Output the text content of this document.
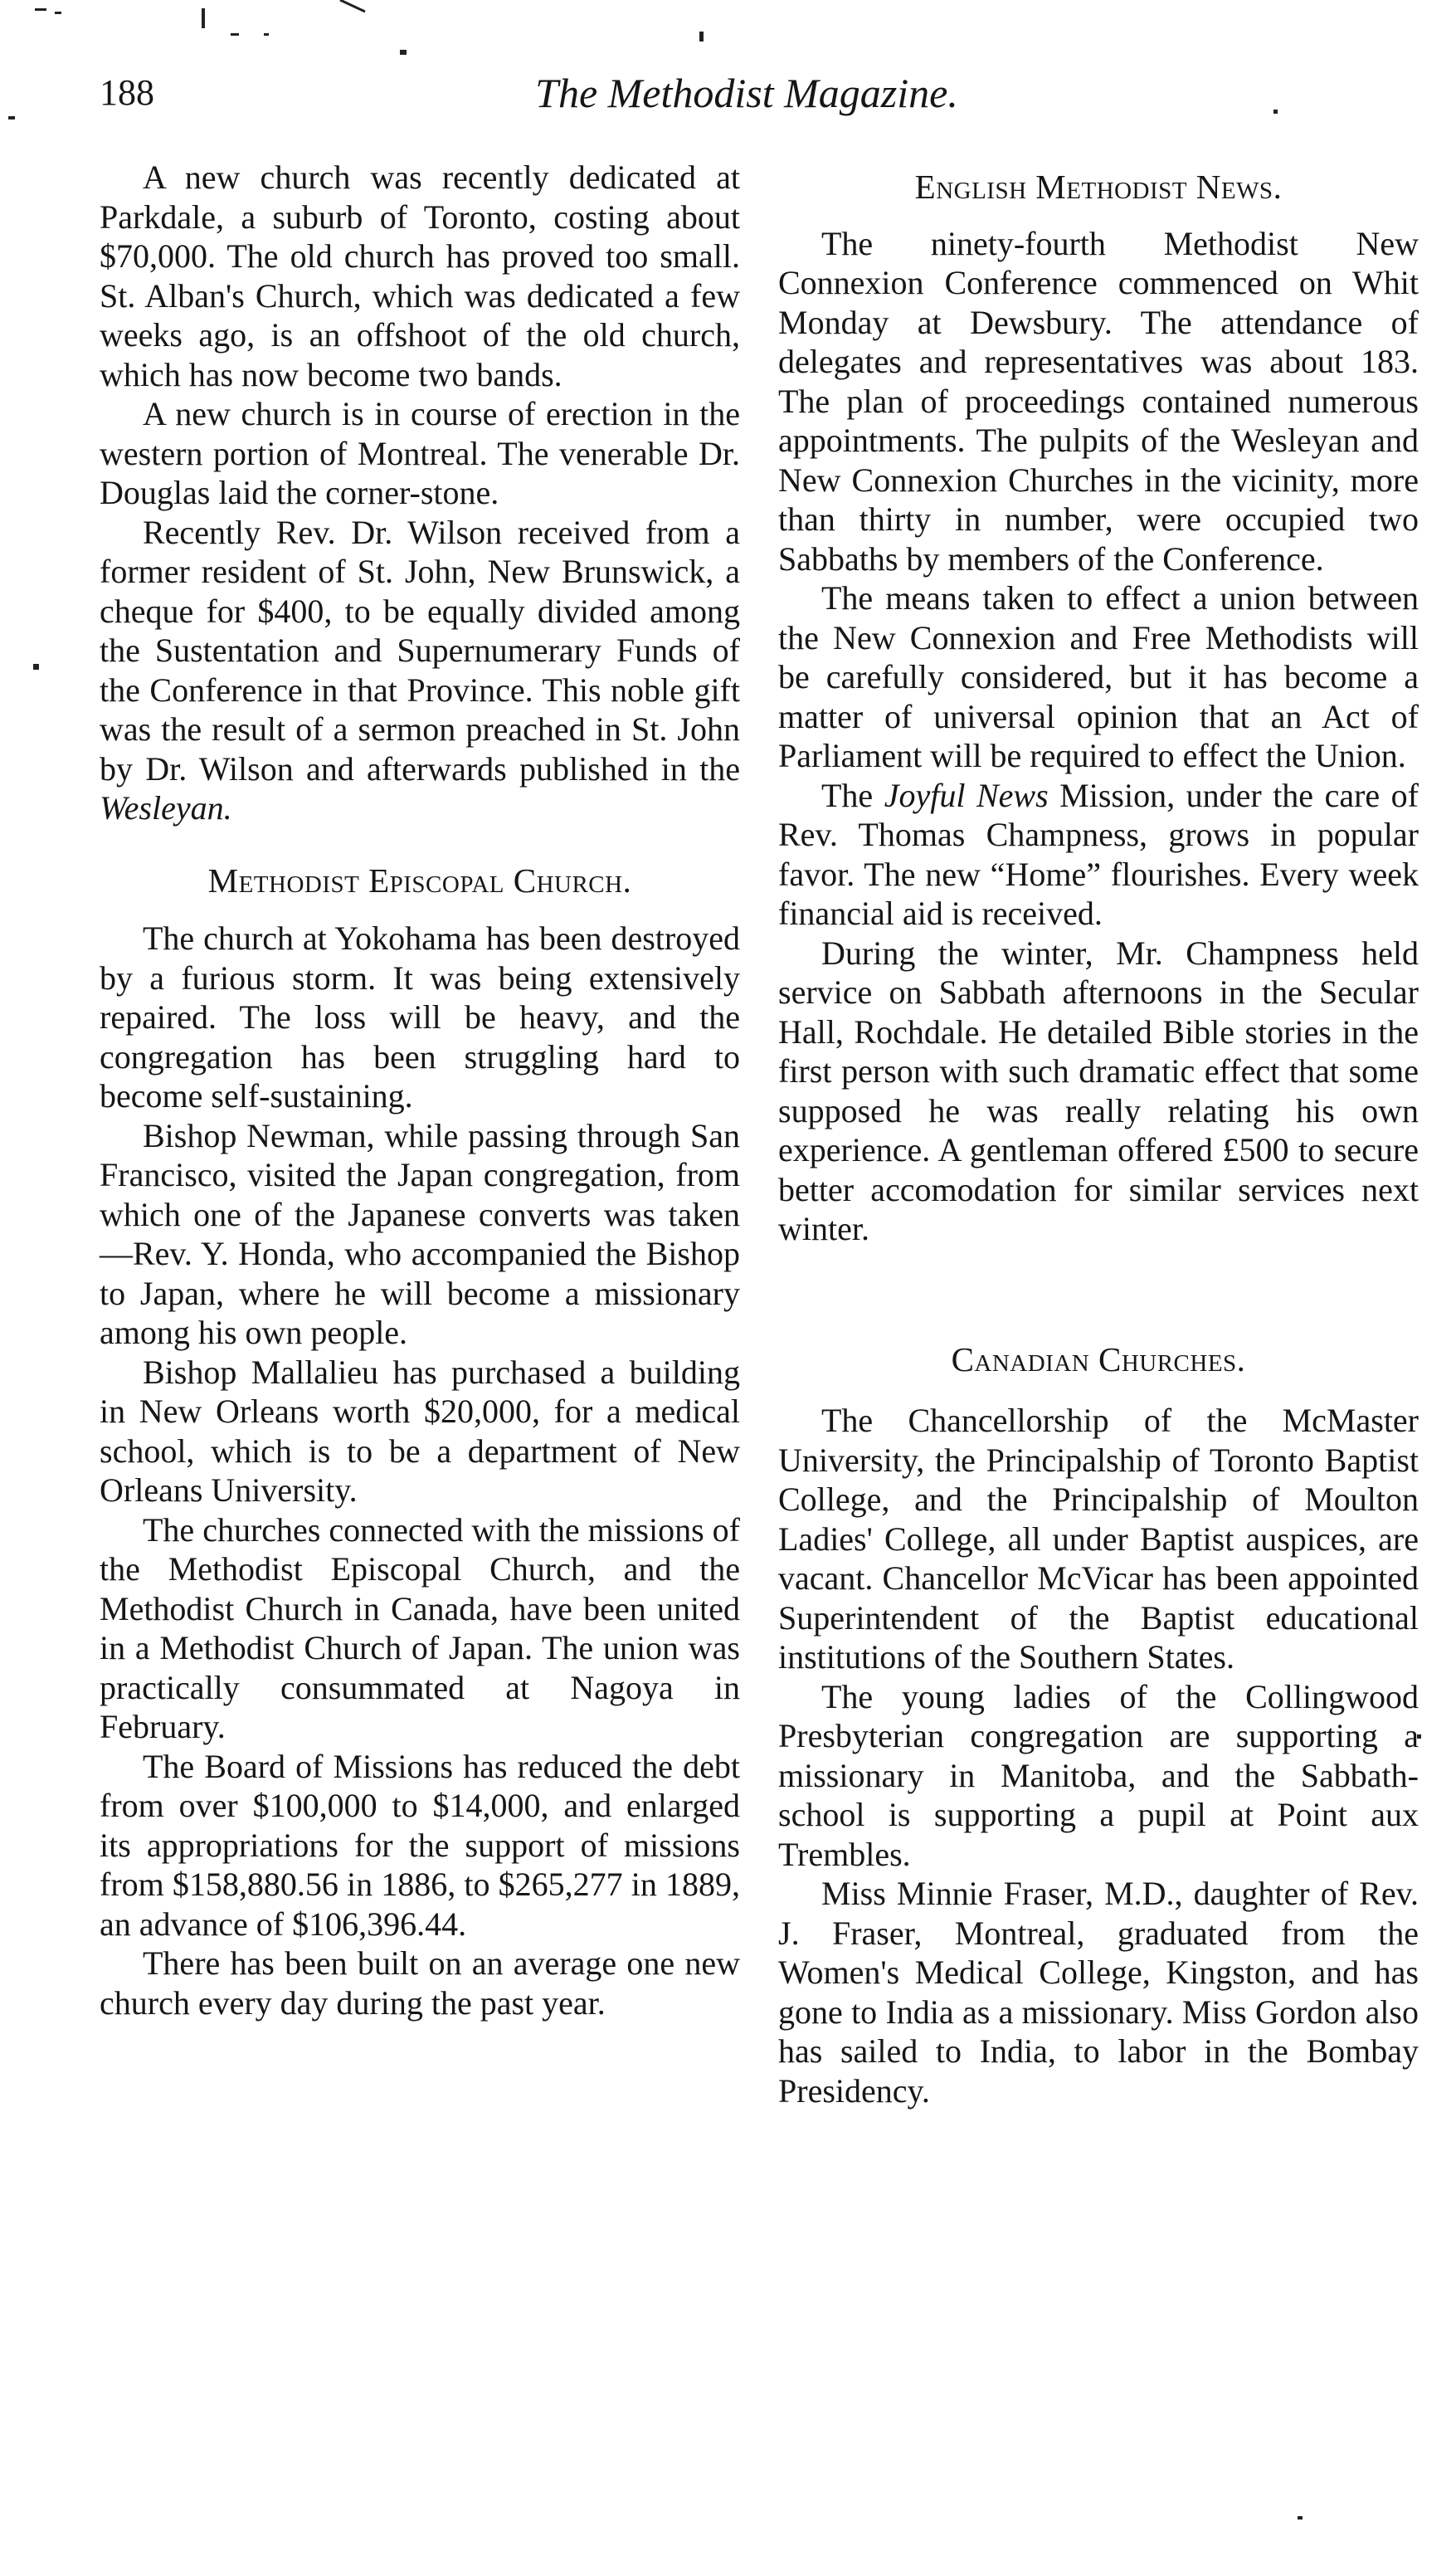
188	The Methodist Magazine.

A new church was recently dedicated at Parkdale, a suburb of Toronto, costing about $70,000. The old church has proved too small. St. Alban's Church, which was dedicated a few weeks ago, is an offshoot of the old church, which has now become two bands.

A new church is in course of erection in the western portion of Montreal. The venerable Dr. Douglas laid the corner-stone.

Recently Rev. Dr. Wilson received from a former resident of St. John, New Brunswick, a cheque for $400, to be equally divided among the Sustentation and Supernumerary Funds of the Conference in that Province. This noble gift was the result of a sermon preached in St. John by Dr. Wilson and afterwards published in the Wesleyan.

Methodist Episcopal Church.

The church at Yokohama has been destroyed by a furious storm. It was being extensively repaired. The loss will be heavy, and the congregation has been struggling hard to become self-sustaining.

Bishop Newman, while passing through San Francisco, visited the Japan congregation, from which one of the Japanese converts was taken —Rev. Y. Honda, who accompanied the Bishop to Japan, where he will become a missionary among his own people.

Bishop Mallalieu has purchased a building in New Orleans worth $20,000, for a medical school, which is to be a department of New Orleans University.

The churches connected with the missions of the Methodist Episcopal Church, and the Methodist Church in Canada, have been united in a Methodist Church of Japan. The union was practically consummated at Nagoya in February.

The Board of Missions has reduced the debt from over $100,000 to $14,000, and enlarged its appropriations for the support of missions from $158,880.56 in 1886, to $265,277 in 1889, an advance of $106,396.44.

There has been built on an average one new church every day during the past year.

English Methodist News.

The ninety-fourth Methodist New Connexion Conference commenced on Whit Monday at Dewsbury. The attendance of delegates and representatives was about 183. The plan of proceedings contained numerous appointments. The pulpits of the Wesleyan and New Connexion Churches in the vicinity, more than thirty in number, were occupied two Sabbaths by members of the Conference.

The means taken to effect a union between the New Connexion and Free Methodists will be carefully considered, but it has become a matter of universal opinion that an Act of Parliament will be required to effect the Union.

The Joyful News Mission, under the care of Rev. Thomas Champness, grows in popular favor. The new “Home” flourishes. Every week financial aid is received.

During the winter, Mr. Champness held service on Sabbath afternoons in the Secular Hall, Rochdale. He detailed Bible stories in the first person with such dramatic effect that some supposed he was really relating his own experience. A gentleman offered £500 to secure better accomodation for similar services next winter.

Canadian Churches.

The Chancellorship of the McMaster University, the Principalship of Toronto Baptist College, and the Principalship of Moulton Ladies' College, all under Baptist auspices, are vacant. Chancellor McVicar has been appointed Superintendent of the Baptist educational institutions of the Southern States.

The young ladies of the Collingwood Presbyterian congregation are supporting a missionary in Manitoba, and the Sabbath-school is supporting a pupil at Point aux Trembles.

Miss Minnie Fraser, M.D., daughter of Rev. J. Fraser, Montreal, graduated from the Women's Medical College, Kingston, and has gone to India as a missionary. Miss Gordon also has sailed to India, to labor in the Bombay Presidency.
